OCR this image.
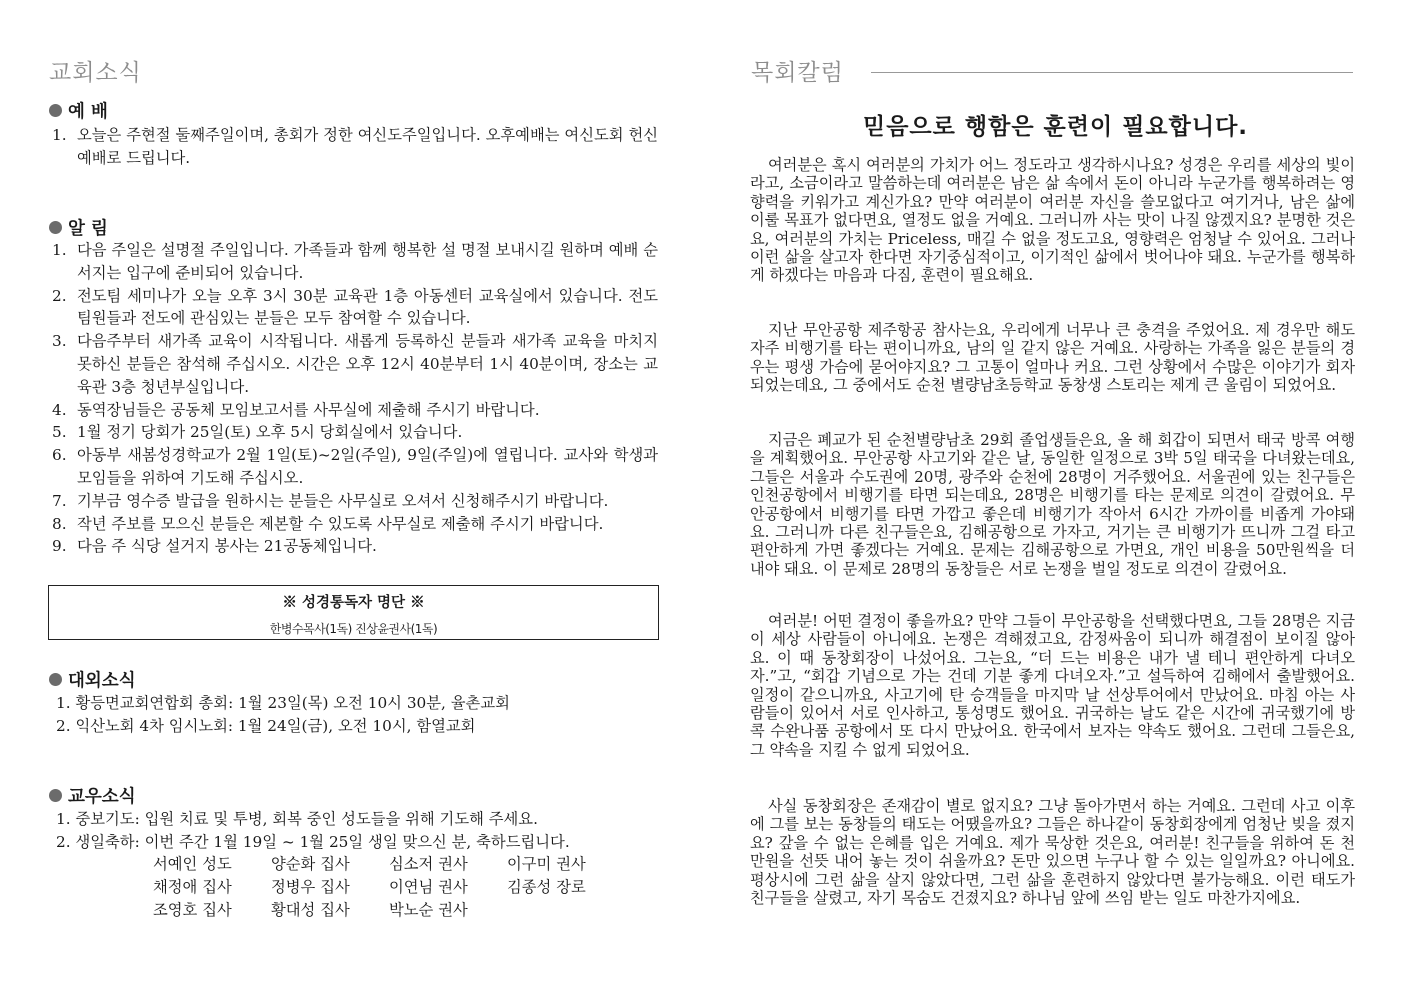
교회소식
예 배
1. 오늘은 주현절 둘째주일이며, 총회가 정한 여신도주일입니다. 오후예배는 여신도회 헌신예배로 드립니다.
알 림
1. 다음 주일은 설명절 주일입니다. 가족들과 함께 행복한 설 명절 보내시길 원하며 예배 순서지는 입구에 준비되어 있습니다.
2. 전도팀 세미나가 오늘 오후 3시 30분 교육관 1층 아동센터 교육실에서 있습니다. 전도팀원들과 전도에 관심있는 분들은 모두 참여할 수 있습니다.
3. 다음주부터 새가족 교육이 시작됩니다. 새롭게 등록하신 분들과 새가족 교육을 마치지 못하신 분들은 참석해 주십시오. 시간은 오후 12시 40분부터 1시 40분이며, 장소는 교육관 3층 청년부실입니다.
4. 동역장님들은 공동체 모임보고서를 사무실에 제출해 주시기 바랍니다.
5. 1월 정기 당회가 25일(토) 오후 5시 당회실에서 있습니다.
6. 아동부 새봄성경학교가 2월 1일(토)~2일(주일), 9일(주일)에 열립니다. 교사와 학생과 모임들을 위하여 기도해 주십시오.
7. 기부금 영수증 발급을 원하시는 분들은 사무실로 오셔서 신청해주시기 바랍니다.
8. 작년 주보를 모으신 분들은 제본할 수 있도록 사무실로 제출해 주시기 바랍니다.
9. 다음 주 식당 설거지 봉사는 21공동체입니다.
※ 성경통독자 명단 ※
한병수목사(1독) 진상윤권사(1독)
대외소식
1. 황등면교회연합회 총회: 1월 23일(목) 오전 10시 30분, 율촌교회
2. 익산노회 4차 임시노회: 1월 24일(금), 오전 10시, 함열교회
교우소식
1. 중보기도: 입원 치료 및 투병, 회복 중인 성도들을 위해 기도해 주세요.
2. 생일축하: 이번 주간 1월 19일 ~ 1월 25일 생일 맞으신 분, 축하드립니다.
서예인 성도	양순화 집사	심소저 권사	이구미 권사
채정애 집사	정병우 집사	이연님 권사	김종성 장로
조영호 집사	황대성 집사	박노순 권사
목회칼럼
믿음으로 행함은 훈련이 필요합니다.

여러분은 혹시 여러분의 가치가 어느 정도라고 생각하시나요? 성경은 우리를 세상의 빛이라고, 소금이라고 말씀하는데 여러분은 남은 삶 속에서 돈이 아니라 누군가를 행복하려는 영향력을 키워가고 계신가요? 만약 여러분이 여러분 자신을 쓸모없다고 여기거나, 남은 삶에 이룰 목표가 없다면요, 열정도 없을 거예요. 그러니까 사는 맛이 나질 않겠지요? 분명한 것은요, 여러분의 가치는 Priceless, 매길 수 없을 정도고요, 영향력은 엄청날 수 있어요. 그러나 이런 삶을 살고자 한다면 자기중심적이고, 이기적인 삶에서 벗어나야 돼요. 누군가를 행복하게 하겠다는 마음과 다짐, 훈련이 필요해요.

지난 무안공항 제주항공 참사는요, 우리에게 너무나 큰 충격을 주었어요. 제 경우만 해도 자주 비행기를 타는 편이니까요, 남의 일 같지 않은 거예요. 사랑하는 가족을 잃은 분들의 경우는 평생 가슴에 묻어야지요? 그 고통이 얼마나 커요. 그런 상황에서 수많은 이야기가 회자되었는데요, 그 중에서도 순천 별량남초등학교 동창생 스토리는 제게 큰 울림이 되었어요.

지금은 폐교가 된 순천별량남초 29회 졸업생들은요, 올 해 회갑이 되면서 태국 방콕 여행을 계획했어요. 무안공항 사고기와 같은 날, 동일한 일정으로 3박 5일 태국을 다녀왔는데요, 그들은 서울과 수도권에 20명, 광주와 순천에 28명이 거주했어요. 서울권에 있는 친구들은 인천공항에서 비행기를 타면 되는데요, 28명은 비행기를 타는 문제로 의견이 갈렸어요. 무안공항에서 비행기를 타면 가깝고 좋은데 비행기가 작아서 6시간 가까이를 비좁게 가야돼요. 그러니까 다른 친구들은요, 김해공항으로 가자고, 거기는 큰 비행기가 뜨니까 그걸 타고 편안하게 가면 좋겠다는 거예요. 문제는 김해공항으로 가면요, 개인 비용을 50만원씩을 더 내야 돼요. 이 문제로 28명의 동창들은 서로 논쟁을 벌일 정도로 의견이 갈렸어요.

여러분! 어떤 결정이 좋을까요? 만약 그들이 무안공항을 선택했다면요, 그들 28명은 지금 이 세상 사람들이 아니에요. 논쟁은 격해졌고요, 감정싸움이 되니까 해결점이 보이질 않아요. 이 때 동창회장이 나섰어요. 그는요, “더 드는 비용은 내가 낼 테니 편안하게 다녀오자.”고, “회갑 기념으로 가는 건데 기분 좋게 다녀오자.”고 설득하여 김해에서 출발했어요. 일정이 같으니까요, 사고기에 탄 승객들을 마지막 날 선상투어에서 만났어요. 마침 아는 사람들이 있어서 서로 인사하고, 통성명도 했어요. 귀국하는 날도 같은 시간에 귀국했기에 방콕 수완나품 공항에서 또 다시 만났어요. 한국에서 보자는 약속도 했어요. 그런데 그들은요, 그 약속을 지킬 수 없게 되었어요.

사실 동창회장은 존재감이 별로 없지요? 그냥 돌아가면서 하는 거예요. 그런데 사고 이후에 그를 보는 동창들의 태도는 어땠을까요? 그들은 하나같이 동창회장에게 엄청난 빚을 졌지요? 갚을 수 없는 은혜를 입은 거예요. 제가 묵상한 것은요, 여러분! 친구들을 위하여 돈 천 만원을 선뜻 내어 놓는 것이 쉬울까요? 돈만 있으면 누구나 할 수 있는 일일까요? 아니에요. 평상시에 그런 삶을 살지 않았다면, 그런 삶을 훈련하지 않았다면 불가능해요. 이런 태도가 친구들을 살렸고, 자기 목숨도 건졌지요? 하나님 앞에 쓰임 받는 일도 마찬가지에요.
